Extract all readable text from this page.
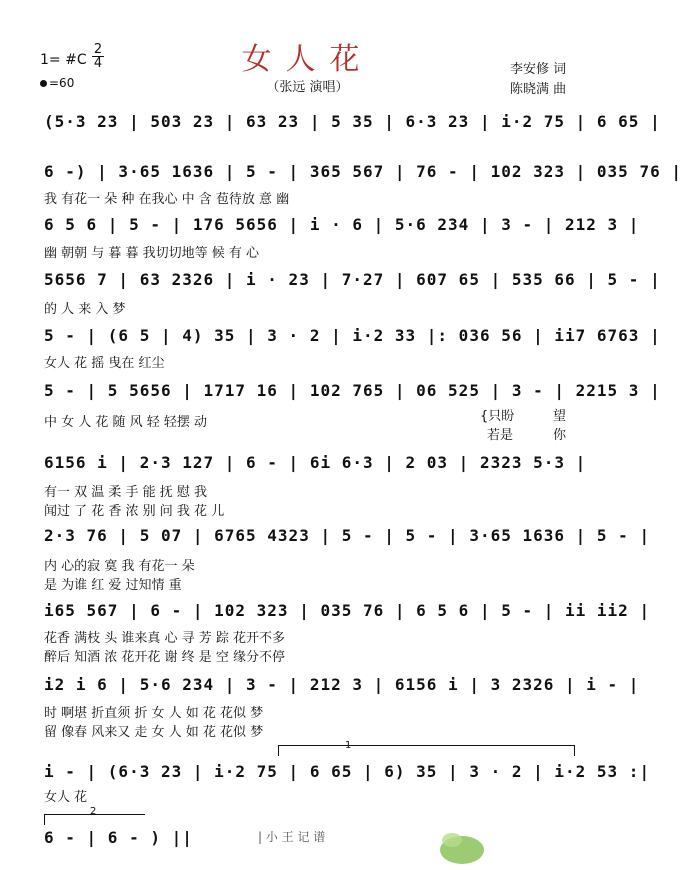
女人花
（张远 演唱）
李安修 词
陈晓满 曲
1= #C
2
4
=60
(5·3 23 | 503 23 | 63 23 | 5 35 | 6·3 23 | i·2 75 | 6 65 |
6 -) | 3·65 1636 | 5 - | 365 567 | 76 - | 102 323 | 035 76 |
我 有花一 朵 种 在我心 中 含 苞待放 意 幽
6 5 6 | 5 - | 176 5656 | i · 6 | 5·6 234 | 3 - | 212 3 |
幽 朝朝 与 暮 暮 我切切地等 候 有 心
5656 7 | 63 2326 | i · 23 | 7·27 | 607 65 | 535 66 | 5 - |
的 人 来 入 梦
5 - | (6 5 | 4) 35 | 3 · 2 | i·2 33 |: 036 56 | ii7 6763 |
女人 花 摇 曳在 红尘
5 - | 5 5656 | 1717 16 | 102 765 | 06 525 | 3 - | 2215 3 |
中 女 人 花 随 风 轻 轻摆 动	{只盼	望
若是	你
6156 i | 2·3 127 | 6 - | 6i 6·3 | 2 03 | 2323 5·3 |
有一 双 温 柔 手 能 抚 慰 我
闻过 了 花 香 浓 别 问 我 花 儿
2·3 76 | 5 07 | 6765 4323 | 5 - | 5 - | 3·65 1636 | 5 - |
内 心的寂 寞 我 有花一 朵
是 为谁 红 爱 过知情 重
i65 567 | 6 - | 102 323 | 035 76 | 6 5 6 | 5 - | ii ii2 |
花香 满枝 头 谁来真 心 寻 芳 踪 花开不多
醉后 知酒 浓 花开花 谢 终 是 空 缘分不停
i2 i 6 | 5·6 234 | 3 - | 212 3 | 6156 i | 3 2326 | i - |
时 啊堪 折直须 折 女 人 如 花 花似 梦
留 像春 风来又 走 女 人 如 花 花似 梦
1
i - | (6·3 23 | i·2 75 | 6 65 | 6) 35 | 3 · 2 | i·2 53 :|
女人 花
2
6 - | 6 - ) ||	| 小 王 记 谱
